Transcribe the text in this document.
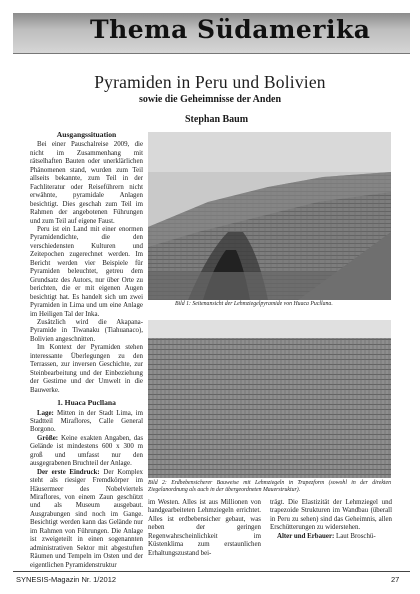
Thema Südamerika
Pyramiden in Peru und Bolivien
sowie die Geheimnisse der Anden
Stephan Baum
Ausgangssituation

Bei einer Pauschalreise 2009, die nicht im Zusammenhang mit rätselhaften Bauten oder unerklärlichen Phänomenen stand, wurden zum Teil allseits bekannte, zum Teil in der Fachliteratur oder Reiseführern nicht erwähnte, pyramidale Anlagen besichtigt. Dies geschah zum Teil im Rahmen der angebotenen Führungen und zum Teil auf eigene Faust.

Peru ist ein Land mit einer enormen Pyramidendichte, die den verschiedensten Kulturen und Zeitepochen zugerechnet werden. Im Bericht werden vier Beispiele für Pyramiden beleuchtet, getreu dem Grundsatz des Autors, nur über Orte zu berichten, die er mit eigenen Augen besichtigt hat. Es handelt sich um zwei Pyramiden in Lima und um eine Anlage im Heiligen Tal der Inka.

Zusätzlich wird die Akapana-Pyramide in Tiwanaku (Tiahuanaco), Bolivien angeschnitten.

Im Kontext der Pyramiden stehen interessante Überlegungen zu den Terrassen, zur inversen Geschichte, zur Steinbearbeitung und der Einbeziehung der Gestirne und der Umwelt in die Bauwerke.

1. Huaca Pucllana

Lage: Mitten in der Stadt Lima, im Stadtteil Miraflores, Calle General Borgono.

Größe: Keine exakten Angaben, das Gelände ist mindestens 600 x 300 m groß und umfasst nur den ausgegrabenen Bruchteil der Anlage.

Der erste Eindruck: Der Komplex steht als riesiger Fremdkörper im Häusermeer des Nobelviertels Miraflores, von einem Zaun geschützt und als Museum ausgebaut. Ausgrabungen sind noch im Gange. Besichtigt werden kann das Gelände nur im Rahmen von Führungen. Die Anlage ist zweigeteilt in einen sogenannten administrativen Sektor mit abgestuften Räumen und Tempeln im Osten und der eigentlichen Pyramidenstruktur

Bild 1: Seitenansicht der Lehmziegelpyramide von Huaca Pucllana.
Bild 2: Erdbebensicherer Bauweise mit Lehmziegeln in Trapezform (sowohl in der direkten Ziegelanordnung als auch in der übergeordneten Mauerstruktur).

im Westen. Alles ist aus Millionen von handgearbeiteten Lehmziegeln errichtet. Alles ist erdbebensicher gebaut, was neben der geringen Regenwahrscheinlichkeit im Küstenklima zum erstaunlichen Erhaltungszustand bei-

trägt. Die Elastizität der Lehmziegel und trapezoide Strukturen im Wandbau (überall in Peru zu sehen) sind das Geheimnis, allen Erschütterungen zu widerstehen.

Alter und Erbauer: Laut Broschü-

SYNESIS-Magazin Nr. 1/2012	27
